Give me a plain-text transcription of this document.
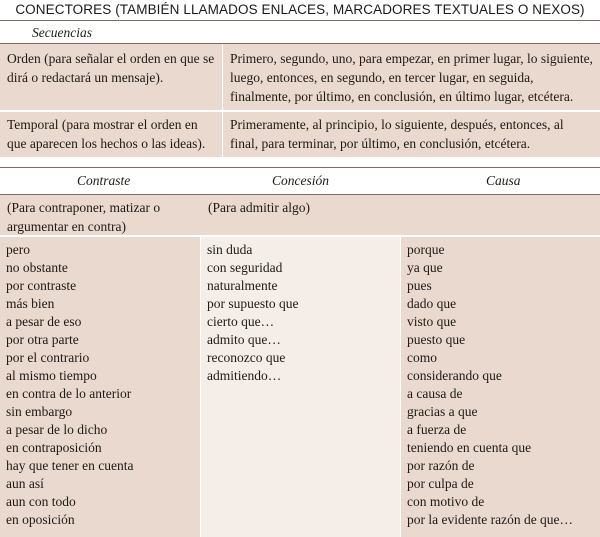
CONECTORES (TAMBIÉN LLAMADOS ENLACES, MARCADORES TEXTUALES O NEXOS)
Secuencias
Orden (para señalar el orden en que se dirá o redactará un mensaje).
Primero, segundo, uno, para empezar, en primer lugar, lo siguiente, luego, entonces, en segundo, en tercer lugar, en seguida, finalmente, por último, en conclusión, en último lugar, etcétera.
Temporal (para mostrar el orden en que aparecen los hechos o las ideas).
Primeramente, al principio, lo siguiente, después, entonces, al final, para terminar, por último, en conclusión, etcétera.
Contraste	Concesión	Causa
(Para contraponer, matizar o argumentar en contra)
(Para admitir algo)
pero
no obstante
por contraste
más bien
a pesar de eso
por otra parte
por el contrario
al mismo tiempo
en contra de lo anterior
sin embargo
a pesar de lo dicho
en contraposición
hay que tener en cuenta
aun así
aun con todo
en oposición
sin duda
con seguridad
naturalmente
por supuesto que
cierto que…
admito que…
reconozco que
admitiendo…
porque
ya que
pues
dado que
visto que
puesto que
como
considerando que
a causa de
gracias a que
a fuerza de
teniendo en cuenta que
por razón de
por culpa de
con motivo de
por la evidente razón de que…
